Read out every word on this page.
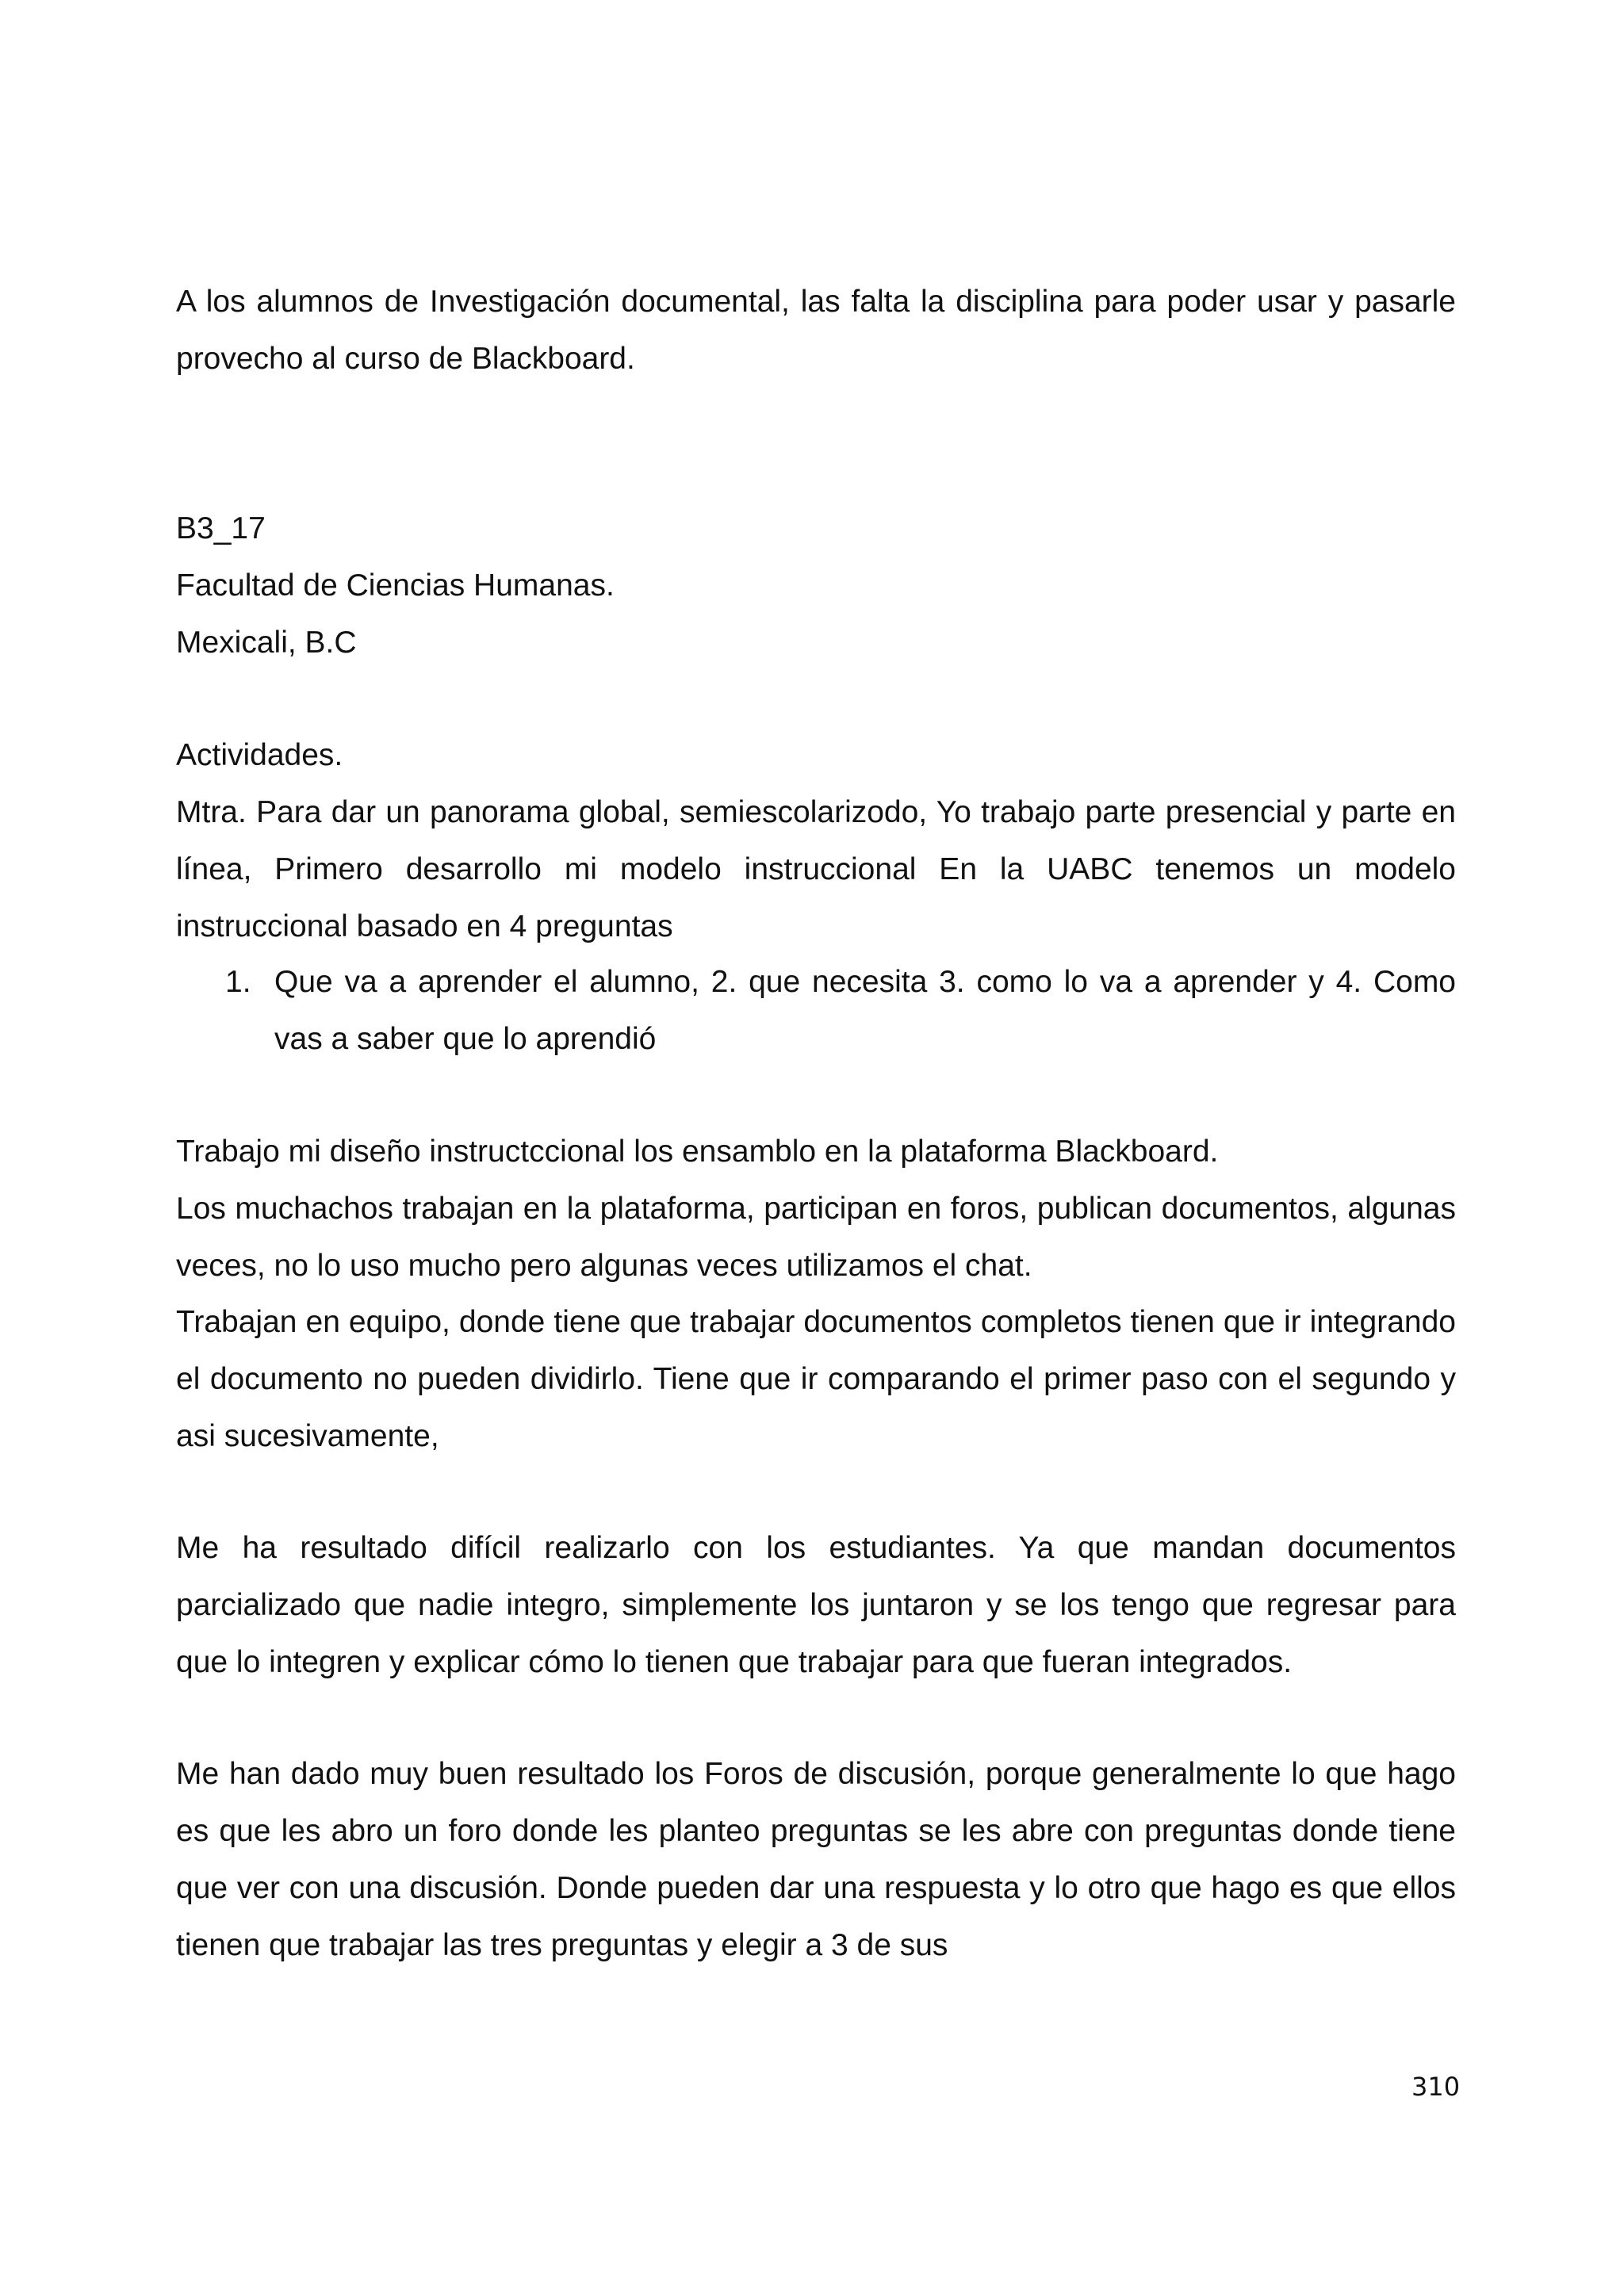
A los alumnos de Investigación documental, las falta la disciplina para poder usar y pasarle provecho al curso de Blackboard.

B3_17

Facultad de Ciencias Humanas.

Mexicali, B.C

Actividades.

Mtra. Para dar un panorama global, semiescolarizodo, Yo trabajo parte presencial y parte en línea, Primero desarrollo mi modelo instruccional En la UABC tenemos un modelo instruccional basado en 4 preguntas

1. Que va a aprender el alumno, 2. que necesita 3. como lo va a aprender y 4. Como vas a saber que lo aprendió

Trabajo mi diseño instructccional los ensamblo en la plataforma Blackboard.

Los muchachos trabajan en la plataforma, participan en foros, publican documentos, algunas veces, no lo uso mucho pero algunas veces utilizamos el chat.

Trabajan en equipo, donde tiene que trabajar documentos completos tienen que ir integrando el documento no pueden dividirlo. Tiene que ir comparando el primer paso con el segundo y asi sucesivamente,

Me ha resultado difícil realizarlo con los estudiantes. Ya que mandan documentos parcializado que nadie integro, simplemente los juntaron y se los tengo que regresar para que lo integren y explicar cómo lo tienen que trabajar para que fueran integrados.

Me han dado muy buen resultado los Foros de discusión, porque generalmente lo que hago es que les abro un foro donde les planteo preguntas se les abre con preguntas donde tiene que ver con una discusión. Donde pueden dar una respuesta y lo otro que hago es que ellos tienen que trabajar las tres preguntas y elegir a 3 de sus

310
